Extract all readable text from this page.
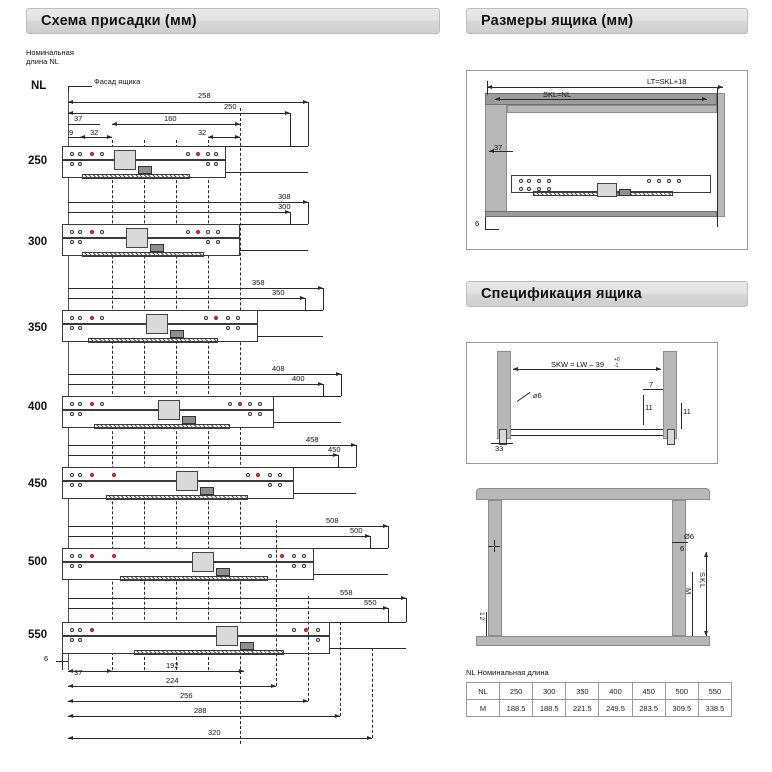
Схема присадки (мм)	Размеры ящика (мм)
Спецификация ящика
Номинальная
длина NL
NL	Фасад ящика
258
250
160
37
9 32	32
250
308
300
300
358
350
350
408
400
400
458
450
450
508
500
500
558
550
550
6
37
192
224
256
288
320
LT=SKL+18
SKL=NL
37
6
SKW = LW – 39 +0
-1
⌀6
7
11	11
33
Ø6
6
SKL
M
12
NL Номинальная длина
NL	250	300	350	400	450	500	550
M	188.5	188.5	221.5	249.5	283.5	309.5	338.5
